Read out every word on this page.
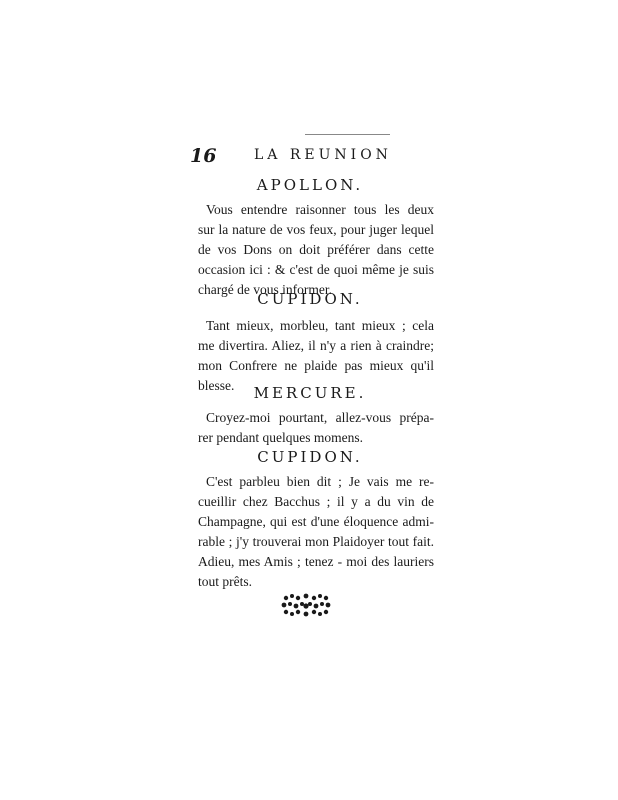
16	LA REUNION
APOLLON.
Vous entendre raisonner tous les deux
sur la nature de vos feux, pour juger lequel
de vos Dons on doit préférer dans cette
occasion ici : & c'est de quoi même je suis
chargé de vous informer.
CUPIDON.
Tant mieux, morbleu, tant mieux ; cela
me divertira. Aliez, il n'y a rien à craindre;
mon Confrere ne plaide pas mieux qu'il
blesse.	MERCURE.
Croyez-moi pourtant, allez-vous prépa-
rer pendant quelques momens.
CUPIDON.
C'est parbleu bien dit ; Je vais me re-
cueillir chez Bacchus ; il y a du vin de
Champagne, qui est d'une éloquence admi-
rable ; j'y trouverai mon Plaidoyer tout fait.
Adieu, mes Amis ; tenez - moi des lauriers
tout prêts.
